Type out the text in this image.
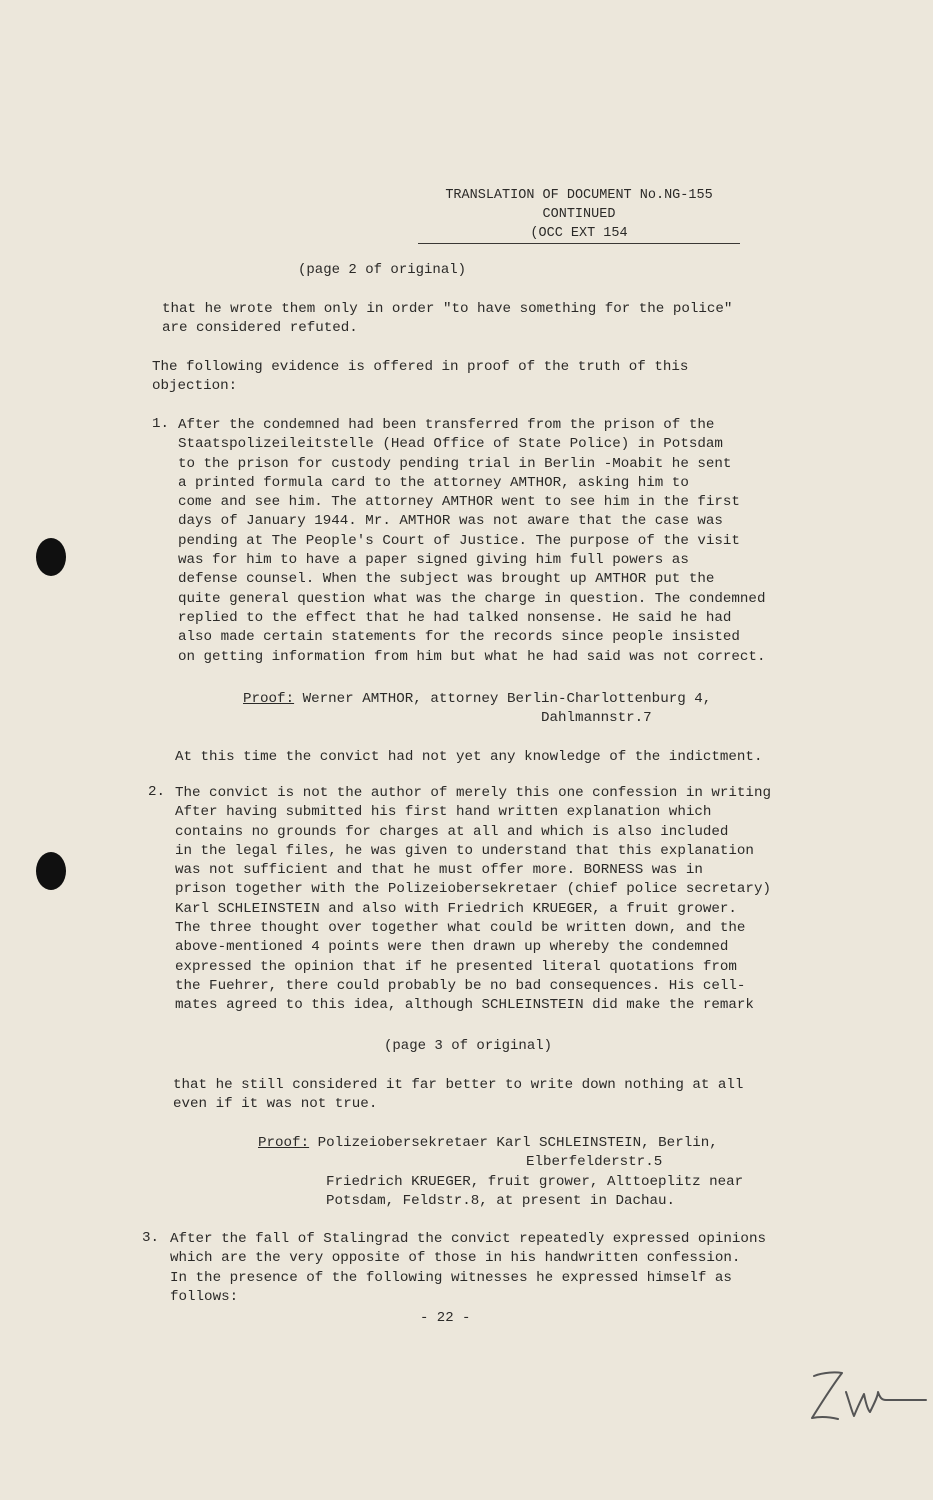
TRANSLATION OF DOCUMENT No.NG-155
CONTINUED
(OCC EXT 154
(page 2 of original)

that he wrote them only in order "to have something for the police"

are considered refuted.

The following evidence is offered in proof of the truth of this

objection:

1. After the condemned had been transferred from the prison of the

Staatspolizeileitstelle (Head Office of State Police) in Potsdam

to the prison for custody pending trial in Berlin -Moabit he sent

a printed formula card to the attorney AMTHOR, asking him to

come and see him. The attorney AMTHOR went to see him in the first

days of January 1944. Mr. AMTHOR was not aware that the case was

pending at The People's Court of Justice. The purpose of the visit

was for him to have a paper signed giving him full powers as

defense counsel. When the subject was brought up AMTHOR put the

quite general question what was the charge in question. The condemned

replied to the effect that he had talked nonsense. He said he had

also made certain statements for the records since people insisted

on getting information from him but what he had said was not correct.

Proof: Werner AMTHOR, attorney Berlin-Charlottenburg 4,
Dahlmannstr.7
At this time the convict had not yet any knowledge of the indictment.
2. The convict is not the author of merely this one confession in writing

After having submitted his first hand written explanation which

contains no grounds for charges at all and which is also included

in the legal files, he was given to understand that this explanation

was not sufficient and that he must offer more. BORNESS was in

prison together with the Polizeiobersekretaer (chief police secretary)

Karl SCHLEINSTEIN and also with Friedrich KRUEGER, a fruit grower.

The three thought over together what could be written down, and the

above-mentioned 4 points were then drawn up whereby the condemned

expressed the opinion that if he presented literal quotations from

the Fuehrer, there could probably be no bad consequences. His cell-

mates agreed to this idea, although SCHLEINSTEIN did make the remark

(page 3 of original)

that he still considered it far better to write down nothing at all

even if it was not true.

Proof: Polizeiobersekretaer Karl SCHLEINSTEIN, Berlin,
Elberfelderstr.5
Friedrich KRUEGER, fruit grower, Alttoeplitz near
Potsdam, Feldstr.8, at present in Dachau.
3. After the fall of Stalingrad the convict repeatedly expressed opinions

which are the very opposite of those in his handwritten confession.

In the presence of the following witnesses he expressed himself as

follows:

- 22 -
